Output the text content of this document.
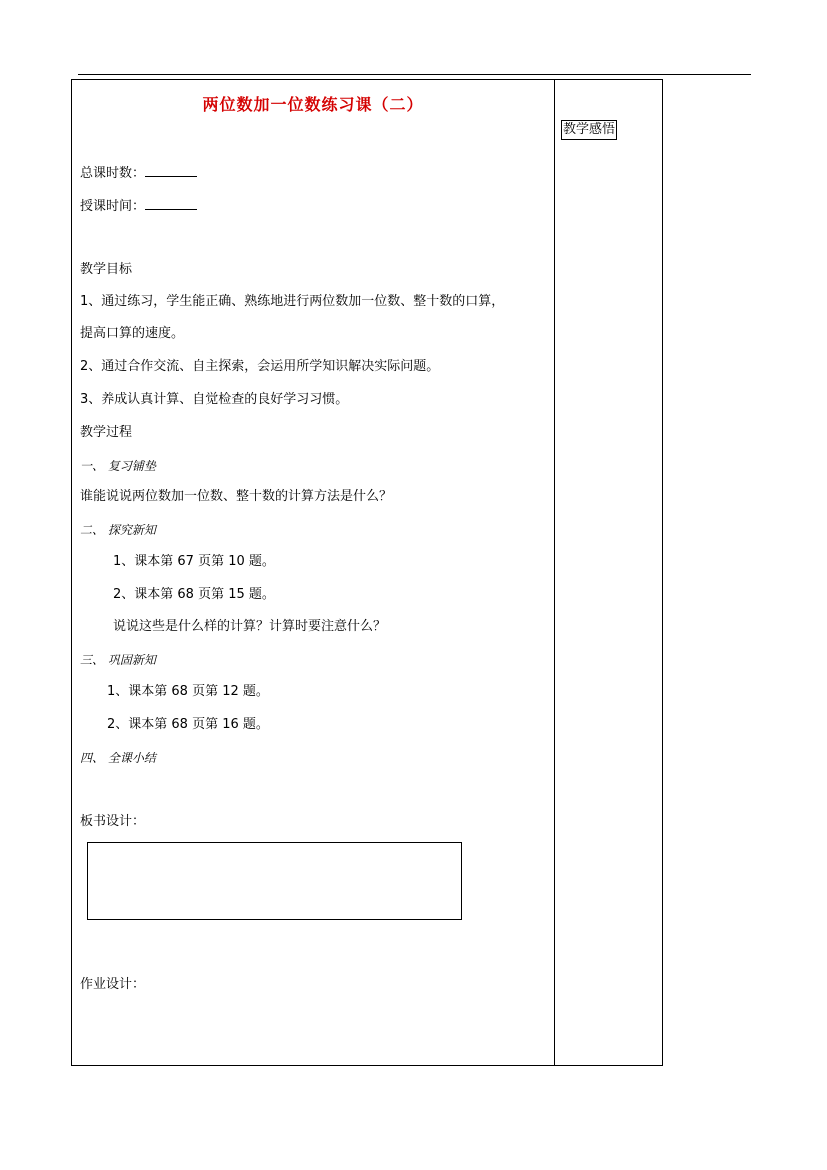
两位数加一位数练习课（二）
教学感悟
总课时数：
授课时间：
教学目标
1、通过练习，学生能正确、熟练地进行两位数加一位数、整十数的口算，
提高口算的速度。
2、通过合作交流、自主探索，会运用所学知识解决实际问题。
3、养成认真计算、自觉检查的良好学习习惯。
教学过程
一、 复习铺垫
谁能说说两位数加一位数、整十数的计算方法是什么？
二、 探究新知
1、课本第 67 页第 10 题。
2、课本第 68 页第 15 题。
说说这些是什么样的计算？计算时要注意什么？
三、 巩固新知
1、课本第 68 页第 12 题。
2、课本第 68 页第 16 题。
四、 全课小结
板书设计：
作业设计：
